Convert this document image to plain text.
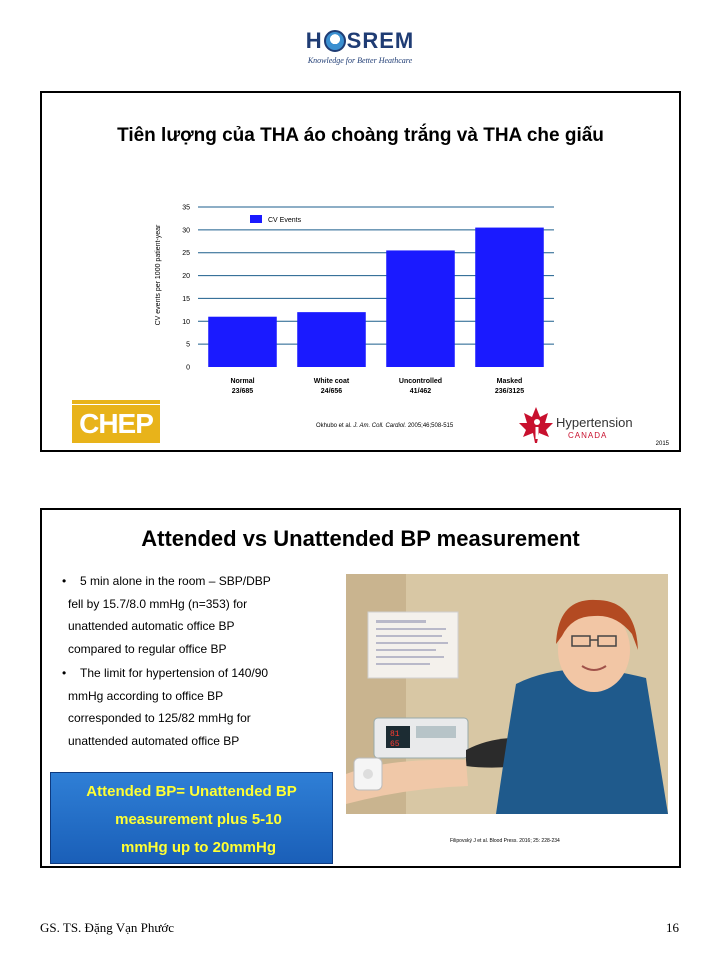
H SREM
Knowledge for Better Heathcare
Tiên lượng của THA áo choàng trắng và THA che giấu
0
5
10
15
20
25
30
35
Normal
23/685
White coat
24/656
Uncontrolled
41/462
Masked
236/3125
CV Events
CV events per 1000 patient-year
CHEP	Okhubo et al. J. Am. Coll. Cardiol. 2005;46;508-515	Hypertension
CANADA
2015
Attended vs Unattended BP measurement
•	5 min alone in the room – SBP/DBP
fell by 15.7/8.0 mmHg (n=353) for
unattended automatic office BP
compared to regular office BP
•	The limit for hypertension of 140/90
mmHg according to office BP
corresponded to 125/82 mmHg for
unattended automated office BP
Attended BP= Unattended BP
measurement plus 5-10
mmHg up to 20mmHg
81
65
Filipovský J et al. Blood Press. 2016; 25: 228-234
GS. TS. Đặng Vạn Phước	16
